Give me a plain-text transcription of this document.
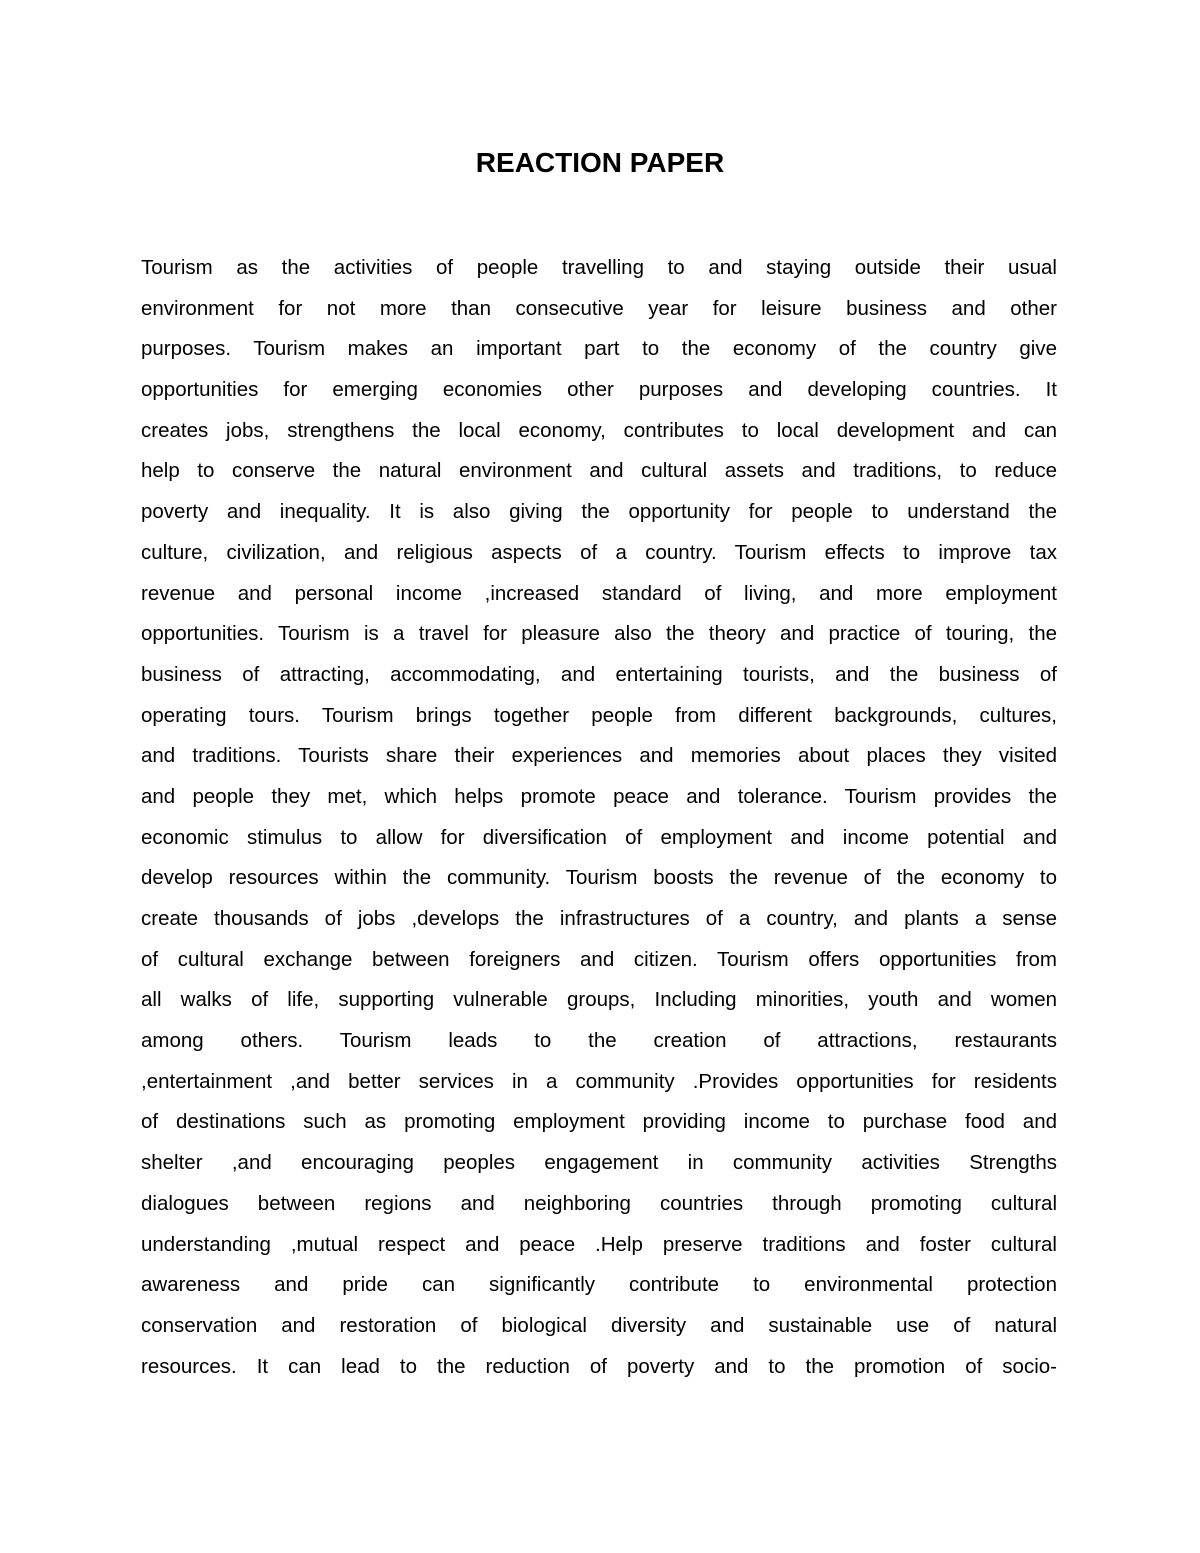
REACTION PAPER
Tourism as the activities of people travelling to and staying outside their usual
environment for not more than consecutive year for leisure business and other
purposes. Tourism makes an important part to the economy of the country give
opportunities for emerging economies other purposes and developing countries. It
creates jobs, strengthens the local economy, contributes to local development and can
help to conserve the natural environment and cultural assets and traditions, to reduce
poverty and inequality. It is also giving the opportunity for people to understand the
culture, civilization, and religious aspects of a country. Tourism effects to improve tax
revenue and personal income ,increased standard of living, and more employment
opportunities. Tourism is a travel for pleasure also the theory and practice of touring, the
business of attracting, accommodating, and entertaining tourists, and the business of
operating tours. Tourism brings together people from different backgrounds, cultures,
and traditions. Tourists share their experiences and memories about places they visited
and people they met, which helps promote peace and tolerance. Tourism provides the
economic stimulus to allow for diversification of employment and income potential and
develop resources within the community. Tourism boosts the revenue of the economy to
create thousands of jobs ,develops the infrastructures of a country, and plants a sense
of cultural exchange between foreigners and citizen. Tourism offers opportunities from
all walks of life, supporting vulnerable groups, Including minorities, youth and women
among others. Tourism leads to the creation of attractions, restaurants
,entertainment ,and better services in a community .Provides opportunities for residents
of destinations such as promoting employment providing income to purchase food and
shelter ,and encouraging peoples engagement in community activities Strengths
dialogues between regions and neighboring countries through promoting cultural
understanding ,mutual respect and peace .Help preserve traditions and foster cultural
awareness and pride can significantly contribute to environmental protection
conservation and restoration of biological diversity and sustainable use of natural
resources. It can lead to the reduction of poverty and to the promotion of socio-
